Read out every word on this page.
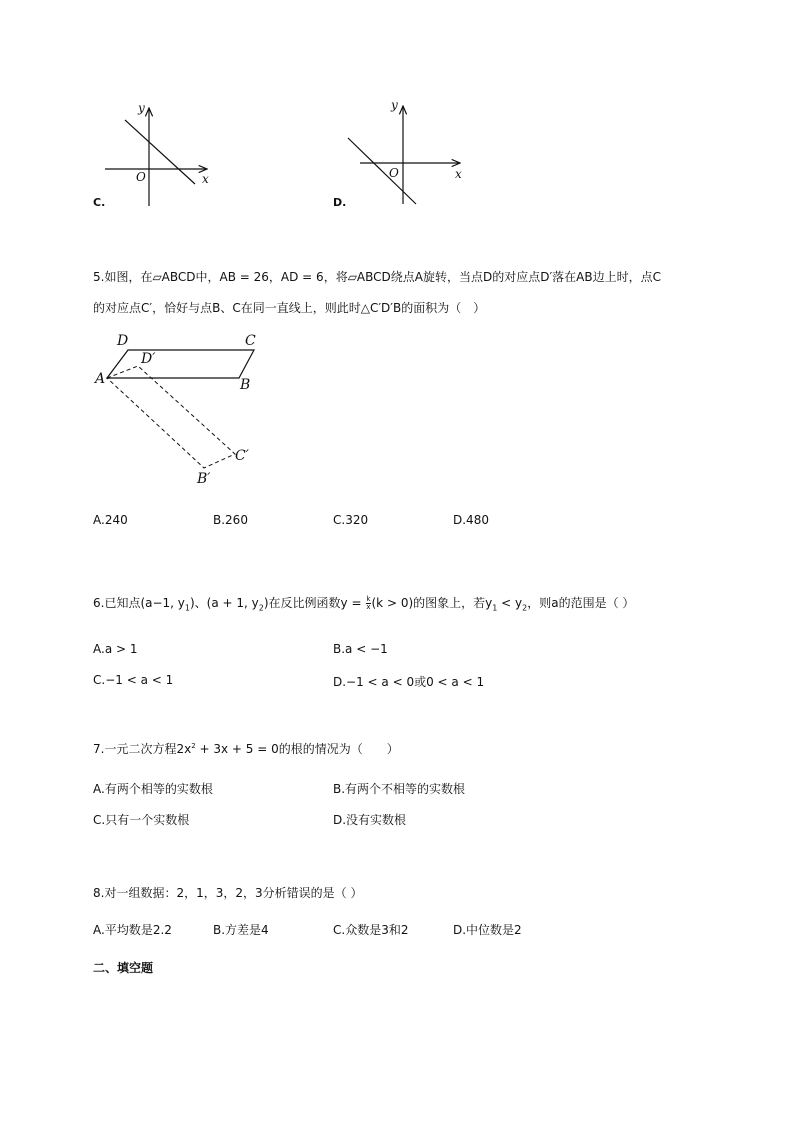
y
x
O
C.
y
x
O
D.
5.如图，在▱ABCD中，AB = 26，AD = 6，将▱ABCD绕点A旋转，当点D的对应点D′落在AB边上时，点C
的对应点C′，恰好与点B、C在同一直线上，则此时△C′D′B的面积为（　）
D	C
D′
A	B
C′
B′
A.240	B.260	C.320	D.480
6.已知点(a−1, $y_1$)、(a + 1, $y_2$)在反比例函数$y = \frac{k}{x} (k > 0)$的图象上，若$y_1 < y_2$，则a的范围是（ ）
A.a > 1	B.a < −1
C.−1 < a < 1	D.−1 < a < 0或0 < a < 1
7.一元二次方程$2x^2 + 3x + 5 = 0$的根的情况为（　　）
A.有两个相等的实数根	B.有两个不相等的实数根
C.只有一个实数根	D.没有实数根
8.对一组数据：2，1，3，2，3分析错误的是（ ）
A.平均数是2.2	B.方差是4	C.众数是3和2	D.中位数是2
二、填空题
